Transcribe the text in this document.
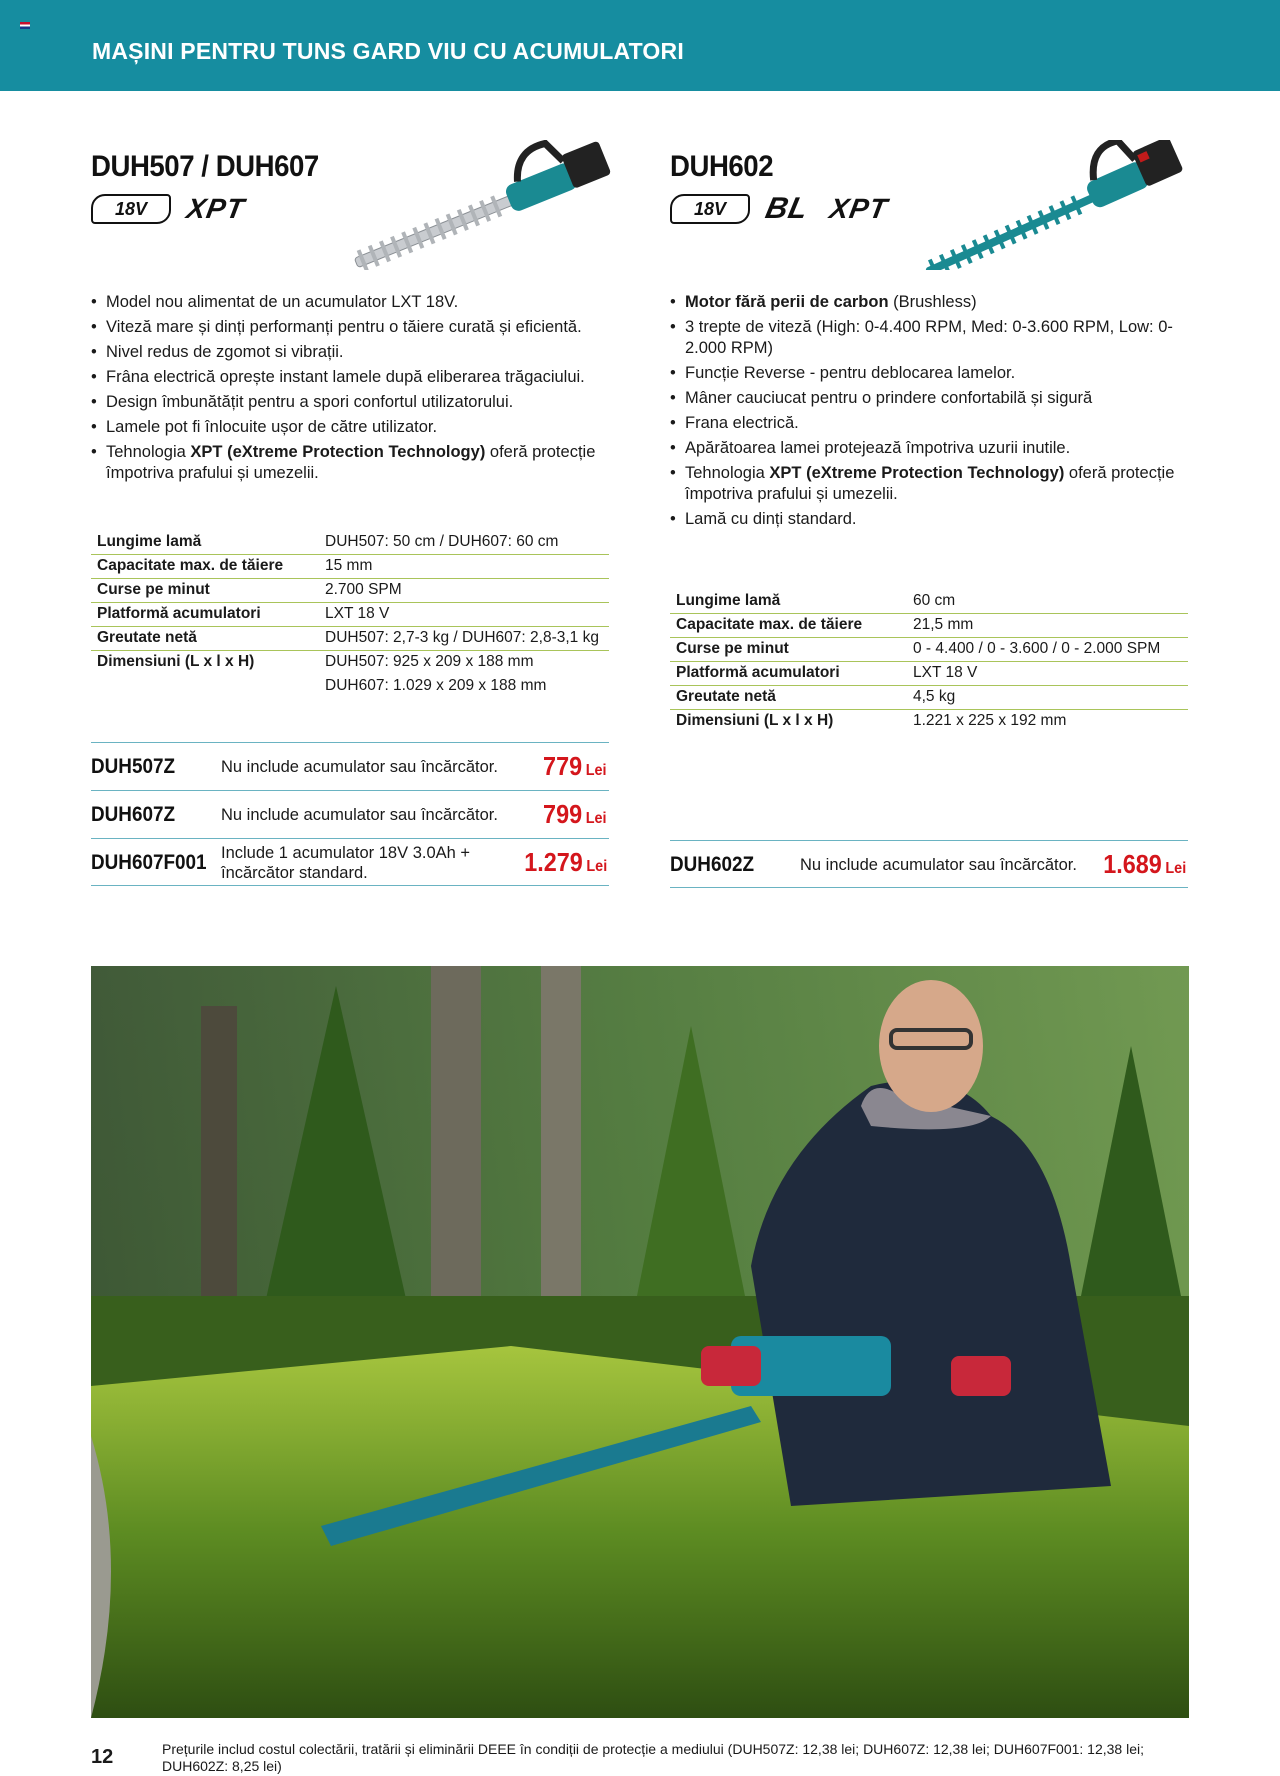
MAȘINI PENTRU TUNS GARD VIU CU ACUMULATORI
DUH507 / DUH607
18V	XPT
• Model nou alimentat de un acumulator LXT 18V.
• Viteză mare și dinți performanți pentru o tăiere curată și eficientă.
• Nivel redus de zgomot si vibrații.
• Frâna electrică oprește instant lamele după eliberarea trăgaciului.
• Design îmbunătățit pentru a spori confortul utilizatorului.
• Lamele pot fi înlocuite ușor de către utilizator.
• Tehnologia XPT (eXtreme Protection Technology) oferă protecție împotriva prafului și umezelii.
Lungime lamă	DUH507: 50 cm / DUH607: 60 cm
Capacitate max. de tăiere	15 mm
Curse pe minut	2.700 SPM
Platformă acumulatori	LXT 18 V
Greutate netă	DUH507: 2,7-3 kg / DUH607: 2,8-3,1 kg
Dimensiuni (L x l x H)	DUH507: 925 x 209 x 188 mm
	DUH607: 1.029 x 209 x 188 mm
DUH507Z	Nu include acumulator sau încărcător.	779 Lei
DUH607Z	Nu include acumulator sau încărcător.	799 Lei
DUH607F001 Include 1 acumulator 18V 3.0Ah + încărcător standard.	1.279 Lei
DUH602
18V	BL XPT
• Motor fără perii de carbon (Brushless)
• 3 trepte de viteză (High: 0-4.400 RPM, Med: 0-3.600 RPM, Low: 0-2.000 RPM)
• Funcție Reverse - pentru deblocarea lamelor.
• Mâner cauciucat pentru o prindere confortabilă și sigură
• Frana electrică.
• Apărătoarea lamei protejează împotriva uzurii inutile.
• Tehnologia XPT (eXtreme Protection Technology) oferă protecție împotriva prafului și umezelii.
• Lamă cu dinți standard.
Lungime lamă	60 cm
Capacitate max. de tăiere	21,5 mm
Curse pe minut	0 - 4.400 / 0 - 3.600 / 0 - 2.000 SPM
Platformă acumulatori	LXT 18 V
Greutate netă	4,5 kg
Dimensiuni (L x l x H)	1.221 x 225 x 192 mm
DUH602Z	Nu include acumulator sau încărcător.	1.689 Lei
12	Prețurile includ costul colectării, tratării și eliminării DEEE în condiții de protecție a mediului (DUH507Z: 12,38 lei; DUH607Z: 12,38 lei; DUH607F001: 12,38 lei; DUH602Z: 8,25 lei)
